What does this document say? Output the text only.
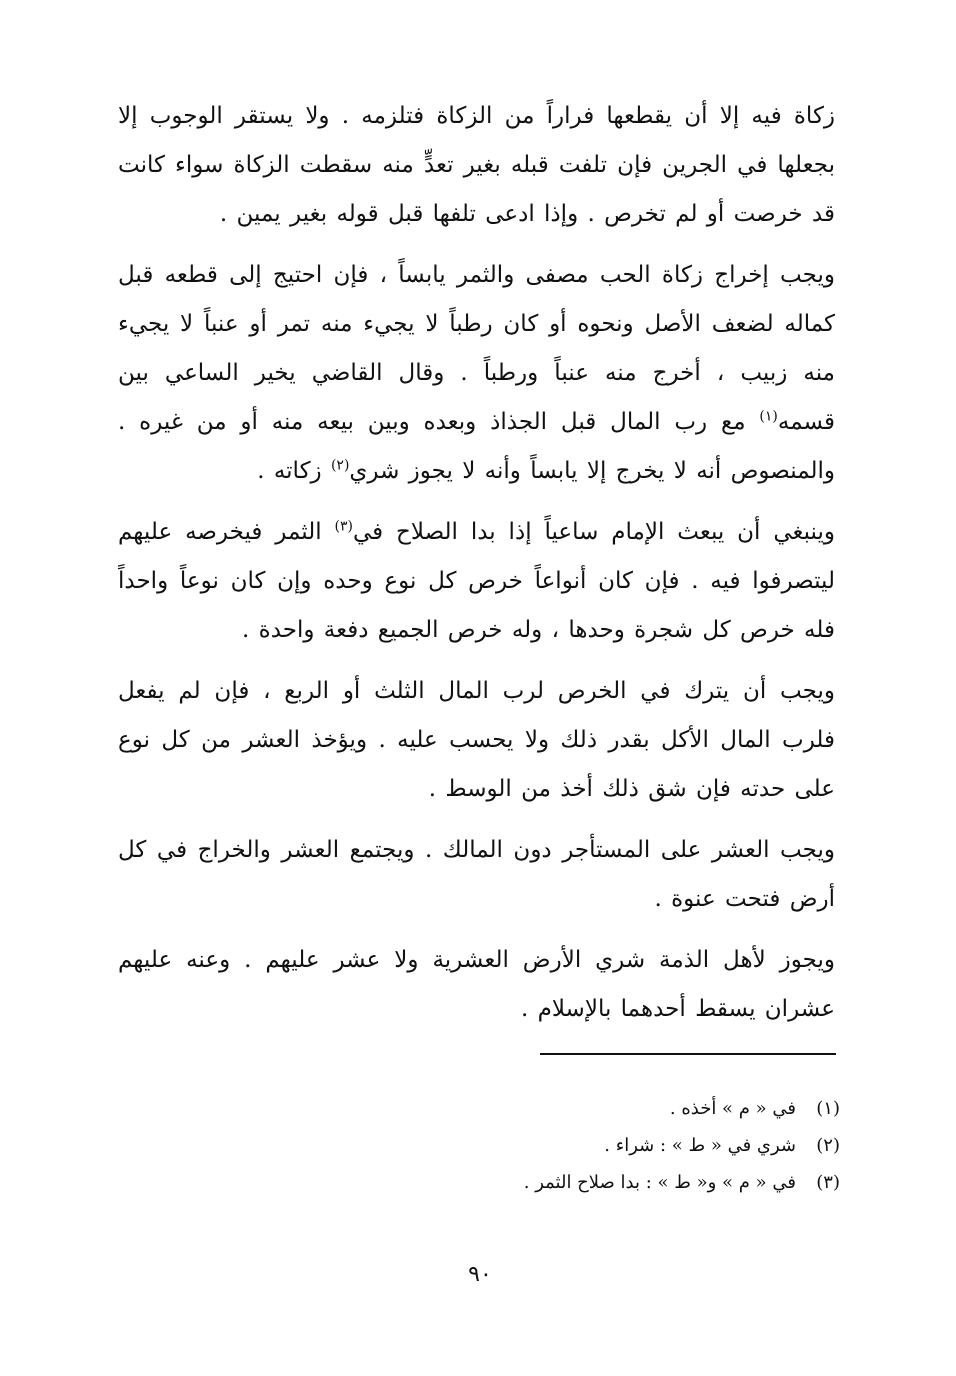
زكاة فيه إلا أن يقطعها فراراً من الزكاة فتلزمه . ولا يستقر الوجوب إلا بجعلها في الجرين فإن تلفت قبله بغير تعدٍّ منه سقطت الزكاة سواء كانت قد خرصت أو لم تخرص . وإذا ادعى تلفها قبل قوله بغير يمين .

ويجب إخراج زكاة الحب مصفى والثمر يابساً ، فإن احتيج إلى قطعه قبل كماله لضعف الأصل ونحوه أو كان رطباً لا يجيء منه تمر أو عنباً لا يجيء منه زبيب ، أخرج منه عنباً ورطباً . وقال القاضي يخير الساعي بين قسمه$^{(١)}$ مع رب المال قبل الجذاذ وبعده وبين بيعه منه أو من غيره . والمنصوص أنه لا يخرج إلا يابساً وأنه لا يجوز شري$^{(٢)}$ زكاته .

وينبغي أن يبعث الإمام ساعياً إذا بدا الصلاح في$^{(٣)}$ الثمر فيخرصه عليهم ليتصرفوا فيه . فإن كان أنواعاً خرص كل نوع وحده وإن كان نوعاً واحداً فله خرص كل شجرة وحدها ، وله خرص الجميع دفعة واحدة .

ويجب أن يترك في الخرص لرب المال الثلث أو الربع ، فإن لم يفعل فلرب المال الأكل بقدر ذلك ولا يحسب عليه . ويؤخذ العشر من كل نوع على حدته فإن شق ذلك أخذ من الوسط .

ويجب العشر على المستأجر دون المالك . ويجتمع العشر والخراج في كل أرض فتحت عنوة .

ويجوز لأهل الذمة شري الأرض العشرية ولا عشر عليهم . وعنه عليهم عشران يسقط أحدهما بالإسلام .

(١)
في « م » أخذه .
(٢)
شري في « ط » : شراء .
(٣)
في « م » و« ط » : بدا صلاح الثمر .
٩٠
